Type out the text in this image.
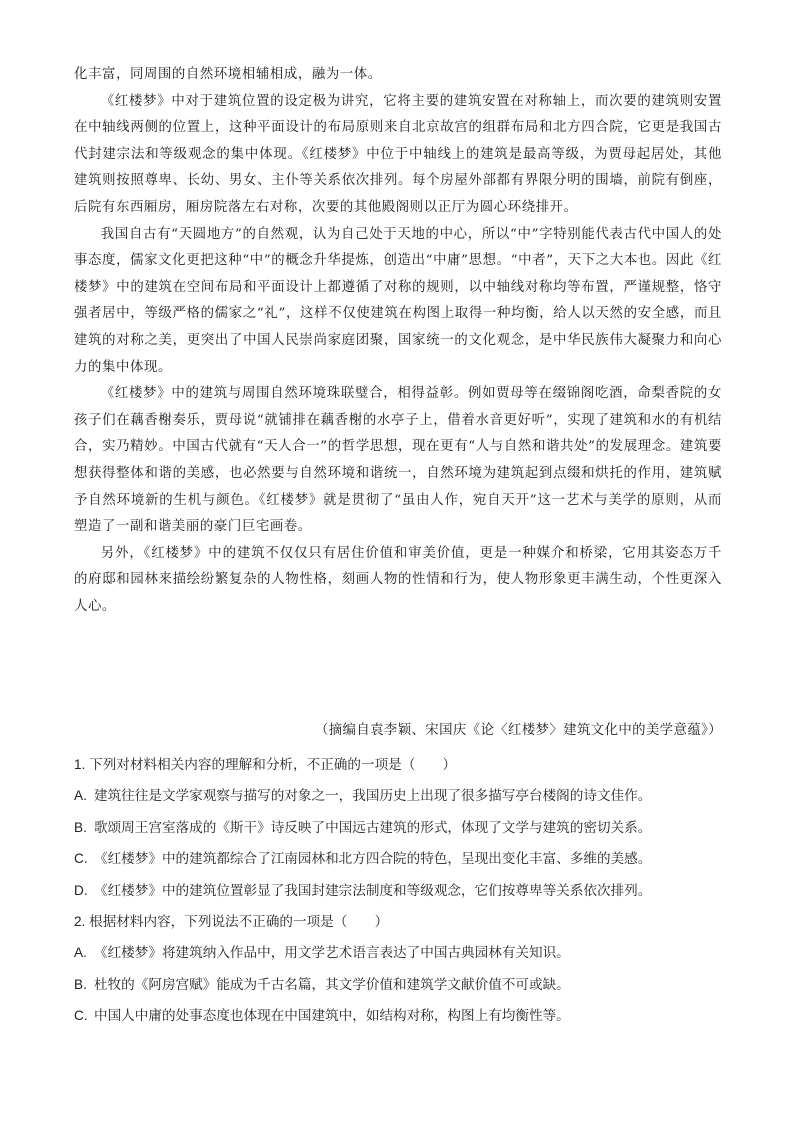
化丰富，同周围的自然环境相辅相成，融为一体。

《红楼梦》中对于建筑位置的设定极为讲究，它将主要的建筑安置在对称轴上，而次要的建筑则安置在中轴线两侧的位置上，这种平面设计的布局原则来自北京故宫的组群布局和北方四合院，它更是我国古代封建宗法和等级观念的集中体现。《红楼梦》中位于中轴线上的建筑是最高等级，为贾母起居处，其他建筑则按照尊卑、长幼、男女、主仆等关系依次排列。每个房屋外部都有界限分明的围墙，前院有倒座，后院有东西厢房，厢房院落左右对称，次要的其他殿阁则以正厅为圆心环绕排开。

我国自古有“天圆地方”的自然观，认为自己处于天地的中心，所以“中”字特别能代表古代中国人的处事态度，儒家文化更把这种“中”的概念升华提炼，创造出“中庸”思想。“中者”，天下之大本也。因此《红楼梦》中的建筑在空间布局和平面设计上都遵循了对称的规则，以中轴线对称均等布置，严谨规整，恪守强者居中，等级严格的儒家之“礼”，这样不仅使建筑在构图上取得一种均衡，给人以天然的安全感，而且建筑的对称之美，更突出了中国人民崇尚家庭团聚，国家统一的文化观念，是中华民族伟大凝聚力和向心力的集中体现。

《红楼梦》中的建筑与周围自然环境珠联璧合，相得益彰。例如贾母等在缀锦阁吃酒，命梨香院的女孩子们在藕香榭奏乐，贾母说“就铺排在藕香榭的水亭子上，借着水音更好听”，实现了建筑和水的有机结合，实乃精妙。中国古代就有“天人合一”的哲学思想，现在更有“人与自然和谐共处”的发展理念。建筑要想获得整体和谐的美感，也必然要与自然环境和谐统一，自然环境为建筑起到点缀和烘托的作用，建筑赋予自然环境新的生机与颜色。《红楼梦》就是贯彻了“虽由人作，宛自天开”这一艺术与美学的原则，从而塑造了一副和谐美丽的豪门巨宅画卷。

另外，《红楼梦》中的建筑不仅仅只有居住价值和审美价值，更是一种媒介和桥梁，它用其姿态万千的府邸和园林来描绘纷繁复杂的人物性格，刻画人物的性情和行为，使人物形象更丰满生动，个性更深入人心。

（摘编自袁李颖、宋国庆《论〈红楼梦〉建筑文化中的美学意蕴》）

1. 下列对材料相关内容的理解和分析，不正确的一项是（　　）

A. 建筑往往是文学家观察与描写的对象之一，我国历史上出现了很多描写亭台楼阁的诗文佳作。

B. 歌颂周王宫室落成的《斯干》诗反映了中国远古建筑的形式，体现了文学与建筑的密切关系。

C. 《红楼梦》中的建筑都综合了江南园林和北方四合院的特色，呈现出变化丰富、多维的美感。

D. 《红楼梦》中的建筑位置彰显了我国封建宗法制度和等级观念，它们按尊卑等关系依次排列。

2. 根据材料内容，下列说法不正确的一项是（　　）

A. 《红楼梦》将建筑纳入作品中，用文学艺术语言表达了中国古典园林有关知识。

B. 杜牧的《阿房宫赋》能成为千古名篇，其文学价值和建筑学文献价值不可或缺。

C. 中国人中庸的处事态度也体现在中国建筑中，如结构对称，构图上有均衡性等。
